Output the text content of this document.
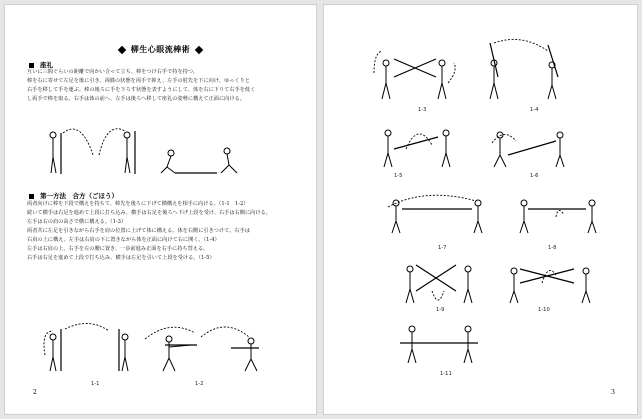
柳生心眼流棒術
座礼
互いに三間ぐらいの距離で向かい合って立ち、棒をつけ右手で持を持つ。
棒を右に寄せて左足を後に引き、両膝の状態を両手で抑え、左手の肘先を下に向け、ゆっくりと
右手を移して手を運ぶ。棒の後ろに手を下ろす状態を表すようにして、体を右に下りて右手を低く
し両手で棒を取る。右手は体の前へ、左手は後ろへ移して座礼の姿勢に構えて正面に向ける。
第一方法　合方（ごほう）
両者向けに棒を下段で構えを持ちて、棒先を後ろに下げて横構えを相手に向ける。（1-1　1-2）
続いて横手は右足を進めて上段に打ち込み、横手は右足を後ろへ下げ上段を受け、右手は右側に向ける。
左手は右の肩の高さで横に構える。（1-3）
両者共に左足を引きながら右手を肩の位置に上げて体に構える。体を右側に引きつけて、右手は
右肩の上に構え、左手は右肩の下に置きながら体を正面に向けて右に開く。（1-4）
左手は右肩の上、右手を左の腰に置き、一歩前進み正面を右手に持ち替える。
右手は右足を進めて上段で打ち込み、横手は左足を引いて上段を受ける。（1-5）
1-1	1-2
2
1-3	1-4
1-5	1-6
1-7	1-8
1-9	1-10
1-11
3
